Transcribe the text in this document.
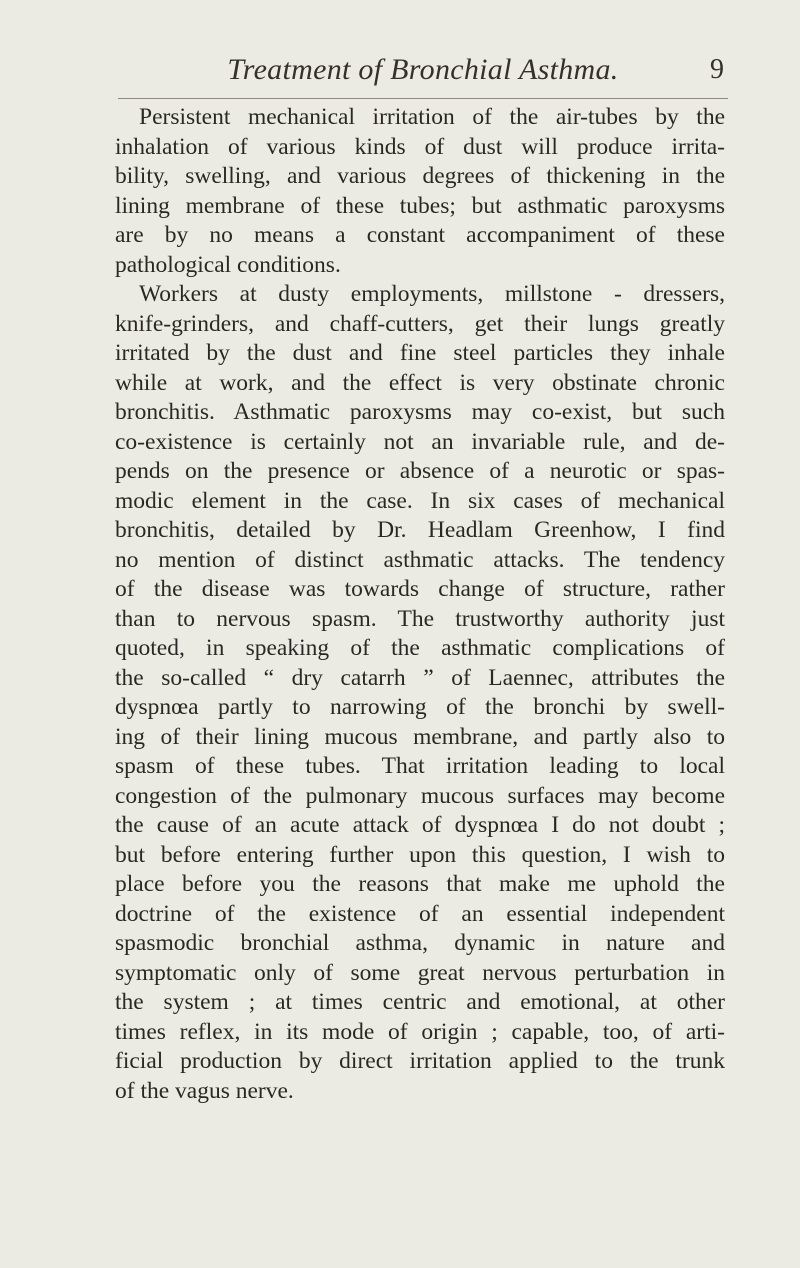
Treatment of Bronchial Asthma.	9
Persistent mechanical irritation of the air-tubes by the
inhalation of various kinds of dust will produce irrita-
bility, swelling, and various degrees of thickening in the
lining membrane of these tubes; but asthmatic paroxysms
are by no means a constant accompaniment of these
pathological conditions.
Workers at dusty employments, millstone - dressers,
knife-grinders, and chaff-cutters, get their lungs greatly
irritated by the dust and fine steel particles they inhale
while at work, and the effect is very obstinate chronic
bronchitis. Asthmatic paroxysms may co-exist, but such
co-existence is certainly not an invariable rule, and de-
pends on the presence or absence of a neurotic or spas-
modic element in the case. In six cases of mechanical
bronchitis, detailed by Dr. Headlam Greenhow, I find
no mention of distinct asthmatic attacks. The tendency
of the disease was towards change of structure, rather
than to nervous spasm. The trustworthy authority just
quoted, in speaking of the asthmatic complications of
the so-called “ dry catarrh ” of Laennec, attributes the
dyspnœa partly to narrowing of the bronchi by swell-
ing of their lining mucous membrane, and partly also to
spasm of these tubes. That irritation leading to local
congestion of the pulmonary mucous surfaces may become
the cause of an acute attack of dyspnœa I do not doubt ;
but before entering further upon this question, I wish to
place before you the reasons that make me uphold the
doctrine of the existence of an essential independent
spasmodic bronchial asthma, dynamic in nature and
symptomatic only of some great nervous perturbation in
the system ; at times centric and emotional, at other
times reflex, in its mode of origin ; capable, too, of arti-
ficial production by direct irritation applied to the trunk
of the vagus nerve.
